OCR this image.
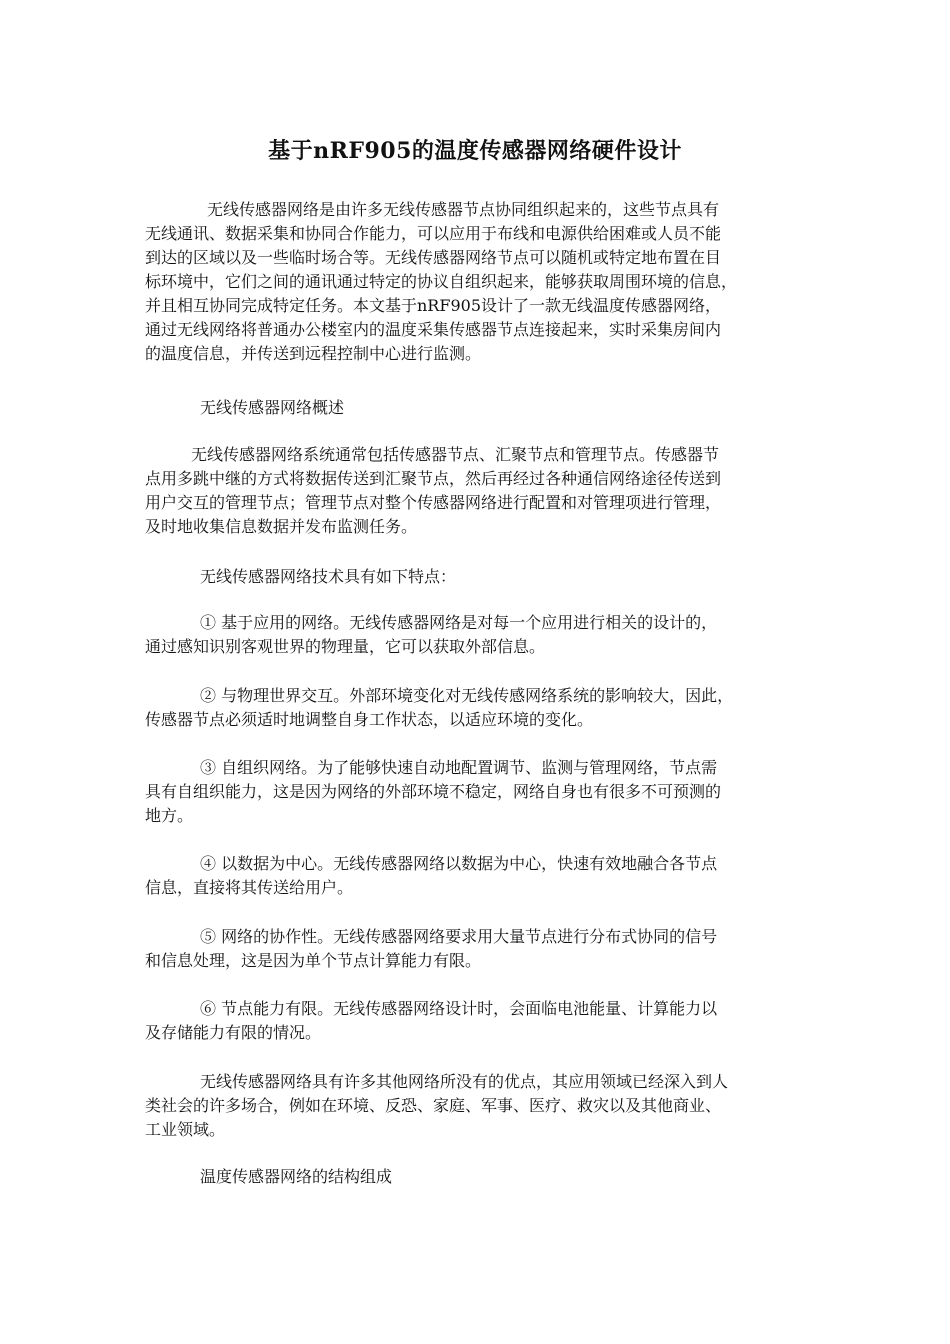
基于nRF905的温度传感器网络硬件设计
无线传感器网络是由许多无线传感器节点协同组织起来的，这些节点具有
无线通讯、数据采集和协同合作能力，可以应用于布线和电源供给困难或人员不能
到达的区域以及一些临时场合等。无线传感器网络节点可以随机或特定地布置在目
标环境中，它们之间的通讯通过特定的协议自组织起来，能够获取周围环境的信息，
并且相互协同完成特定任务。本文基于nRF905设计了一款无线温度传感器网络，
通过无线网络将普通办公楼室内的温度采集传感器节点连接起来，实时采集房间内
的温度信息，并传送到远程控制中心进行监测。
无线传感器网络概述
无线传感器网络系统通常包括传感器节点、汇聚节点和管理节点。传感器节
点用多跳中继的方式将数据传送到汇聚节点，然后再经过各种通信网络途径传送到
用户交互的管理节点；管理节点对整个传感器网络进行配置和对管理项进行管理，
及时地收集信息数据并发布监测任务。
无线传感器网络技术具有如下特点：
① 基于应用的网络。无线传感器网络是对每一个应用进行相关的设计的，
通过感知识别客观世界的物理量，它可以获取外部信息。
② 与物理世界交互。外部环境变化对无线传感网络系统的影响较大，因此，
传感器节点必须适时地调整自身工作状态，以适应环境的变化。
③ 自组织网络。为了能够快速自动地配置调节、监测与管理网络，节点需
具有自组织能力，这是因为网络的外部环境不稳定，网络自身也有很多不可预测的
地方。
④ 以数据为中心。无线传感器网络以数据为中心，快速有效地融合各节点
信息，直接将其传送给用户。
⑤ 网络的协作性。无线传感器网络要求用大量节点进行分布式协同的信号
和信息处理，这是因为单个节点计算能力有限。
⑥ 节点能力有限。无线传感器网络设计时，会面临电池能量、计算能力以
及存储能力有限的情况。
无线传感器网络具有许多其他网络所没有的优点，其应用领域已经深入到人
类社会的许多场合，例如在环境、反恐、家庭、军事、医疗、救灾以及其他商业、
工业领域。
温度传感器网络的结构组成
